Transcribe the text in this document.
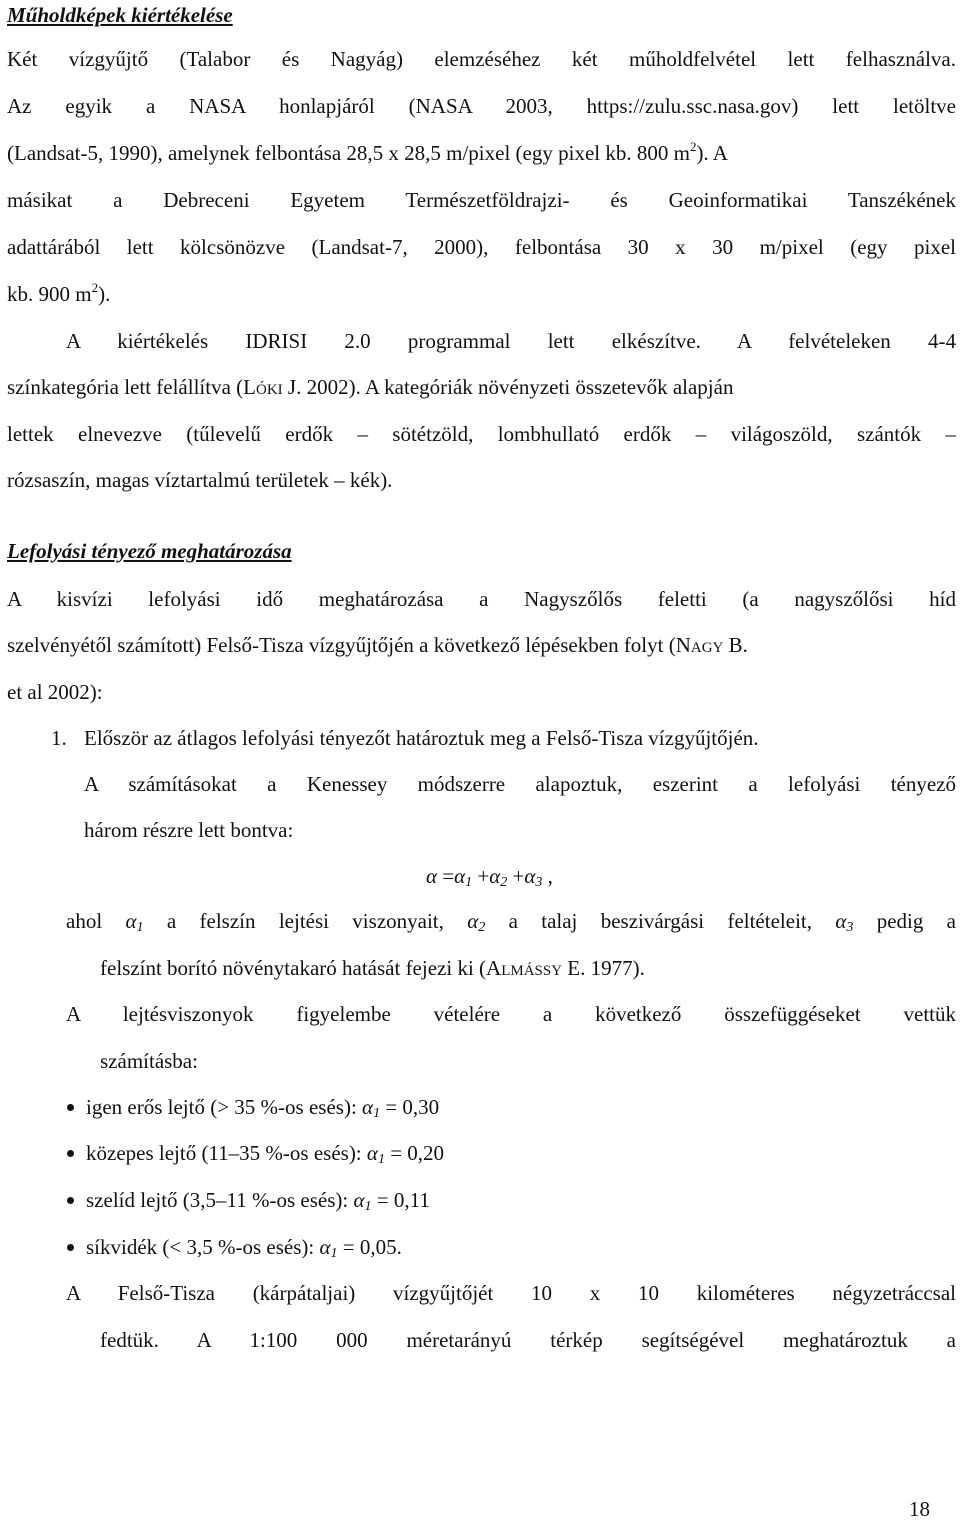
Műholdképek kiértékelése
Két vízgyűjtő (Talabor és Nagyág) elemzéséhez két műholdfelvétel lett felhasználva.
Az egyik a NASA honlapjáról (NASA 2003, https://zulu.ssc.nasa.gov) lett letöltve
(Landsat-5, 1990), amelynek felbontása 28,5 x 28,5 m/pixel (egy pixel kb. 800 $m^2$). A
másikat a Debreceni Egyetem Természetföldrajzi- és Geoinformatikai Tanszékének
adattárából lett kölcsönözve (Landsat-7, 2000), felbontása 30 x 30 m/pixel (egy pixel
kb. 900 $m^2$).
A kiértékelés IDRISI 2.0 programmal lett elkészítve. A felvételeken 4-4
színkategória lett felállítva (LÓKI J. 2002). A kategóriák növényzeti összetevők alapján
lettek elnevezve (tűlevelű erdők – sötétzöld, lombhullató erdők – világoszöld, szántók –
rózsaszín, magas víztartalmú területek – kék).
Lefolyási tényező meghatározása
A kisvízi lefolyási idő meghatározása a Nagyszőlős feletti (a nagyszőlősi híd
szelvényétől számított) Felső-Tisza vízgyűjtőjén a következő lépésekben folyt (NAGY B.
et al 2002):
1. Először az átlagos lefolyási tényezőt határoztuk meg a Felső-Tisza vízgyűjtőjén.
A számításokat a Kenessey módszerre alapoztuk, eszerint a lefolyási tényező
három részre lett bontva:
$\alpha =\alpha_1 +\alpha_2 +\alpha_3$ ,
ahol $\alpha_1$ a felszín lejtési viszonyait, $\alpha_2$ a talaj beszivárgási feltételeit, $\alpha_3$ pedig a
felszínt borító növénytakaró hatását fejezi ki (ALMÁSSY E. 1977).
A lejtésviszonyok figyelembe vételére a következő összefüggéseket vettük
számításba:
igen erős lejtő (> 35 %-os esés): $\alpha_1 = 0,30$
közepes lejtő (11–35 %-os esés): $\alpha_1 = 0,20$
szelíd lejtő (3,5–11 %-os esés): $\alpha_1 = 0,11$
síkvidék (< 3,5 %-os esés): $\alpha_1 = 0,05$.
A Felső-Tisza (kárpátaljai) vízgyűjtőjét 10 x 10 kilométeres négyzetráccsal
fedtük. A 1:100 000 méretarányú térkép segítségével meghatároztuk a
18
